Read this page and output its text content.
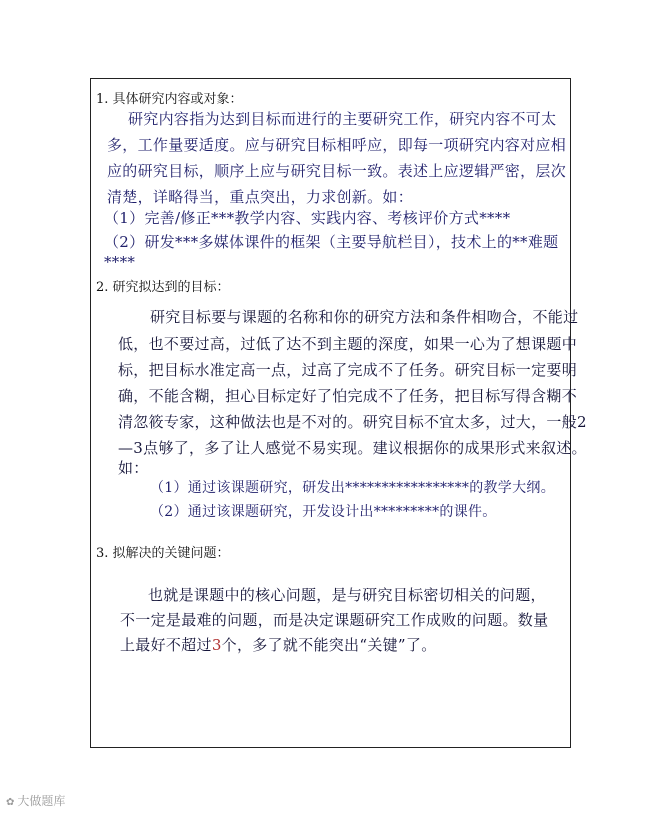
1. 具体研究内容或对象：
研究内容指为达到目标而进行的主要研究工作，研究内容不可太
多，工作量要适度。应与研究目标相呼应，即每一项研究内容对应相
应的研究目标，顺序上应与研究目标一致。表述上应逻辑严密，层次
清楚，详略得当，重点突出，力求创新。如：
（1）完善/修正***教学内容、实践内容、考核评价方式****
（2）研发***多媒体课件的框架（主要导航栏目），技术上的**难题
****
2. 研究拟达到的目标：
研究目标要与课题的名称和你的研究方法和条件相吻合，不能过
低，也不要过高，过低了达不到主题的深度，如果一心为了想课题中
标，把目标水准定高一点，过高了完成不了任务。研究目标一定要明
确，不能含糊，担心目标定好了怕完成不了任务，把目标写得含糊不
清忽筱专家，这种做法也是不对的。研究目标不宜太多，过大，一般2
—3点够了，多了让人感觉不易实现。建议根据你的成果形式来叙述。
如：
（1）通过该课题研究，研发出*****************的教学大纲。
（2）通过该课题研究，开发设计出*********的课件。
3. 拟解决的关键问题：
也就是课题中的核心问题，是与研究目标密切相关的问题，
不一定是最难的问题，而是决定课题研究工作成败的问题。数量
上最好不超过3个，多了就不能突出“关键”了。
✿ 大做题库
